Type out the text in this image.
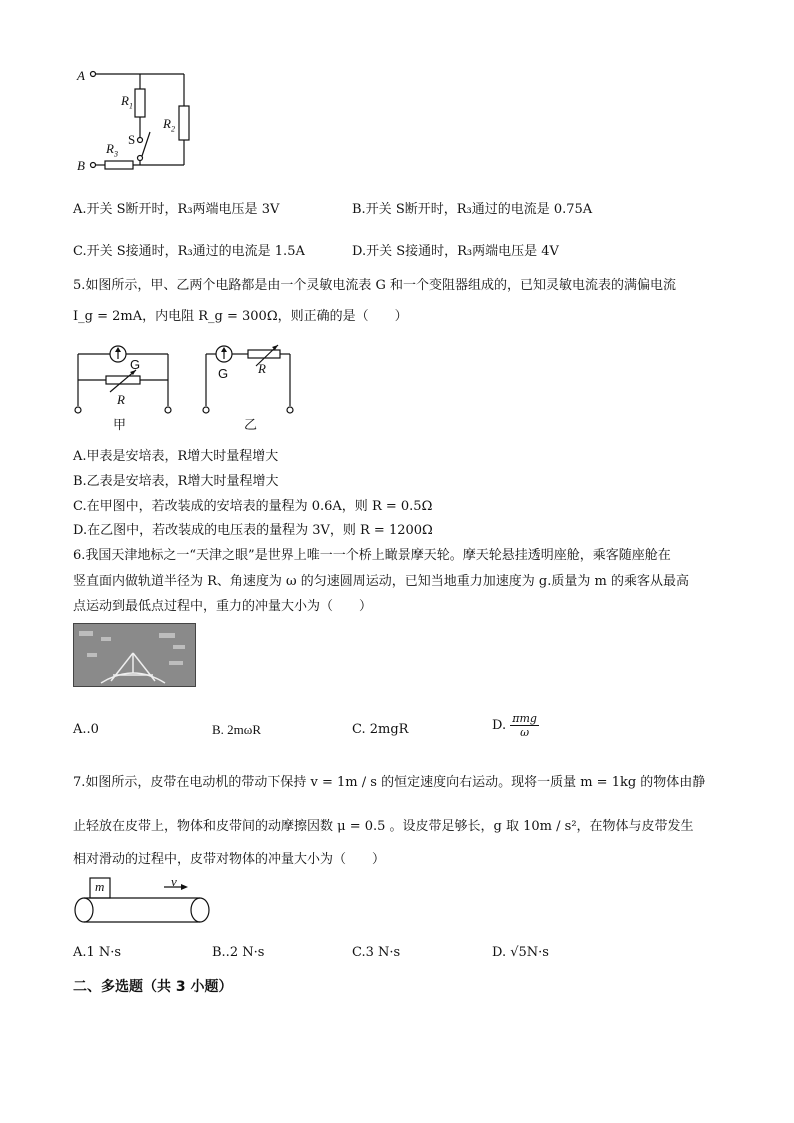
A
B
$R_1$
$R_2$
$R_3$
S
A.开关 S断开时，R₃两端电压是 3V	B.开关 S断开时，R₃通过的电流是 0.75A
C.开关 S接通时，R₃通过的电流是 1.5A	D.开关 S接通时，R₃两端电压是 4V
5.如图所示，甲、乙两个电路都是由一个灵敏电流表 G 和一个变阻器组成的，已知灵敏电流表的满偏电流
I_g = 2mA，内电阻 R_g = 300Ω，则正确的是（　　）
G
R
甲
G R
乙
A.甲表是安培表，R增大时量程增大
B.乙表是安培表，R增大时量程增大
C.在甲图中，若改装成的安培表的量程为 0.6A，则 R = 0.5Ω
D.在乙图中，若改装成的电压表的量程为 3V，则 R = 1200Ω
6.我国天津地标之一“天津之眼”是世界上唯一一个桥上瞰景摩天轮。摩天轮悬挂透明座舱，乘客随座舱在
竖直面内做轨道半径为 R、角速度为 ω 的匀速圆周运动，已知当地重力加速度为 g.质量为 m 的乘客从最高
点运动到最低点过程中，重力的冲量大小为（　　）
A..0	B. 2mωR	C. 2mgR	D. $\frac{\text{πmg}}{\omega}$
7.如图所示，皮带在电动机的带动下保持 v = 1m / s 的恒定速度向右运动。现将一质量 m = 1kg 的物体由静
止轻放在皮带上，物体和皮带间的动摩擦因数 μ = 0.5 。设皮带足够长，g 取 10m / s²，在物体与皮带发生
相对滑动的过程中，皮带对物体的冲量大小为（　　）
m	v
A.1 N·s	B..2 N·s	C.3 N·s	D. √5N·s
二、多选题（共 3 小题）
